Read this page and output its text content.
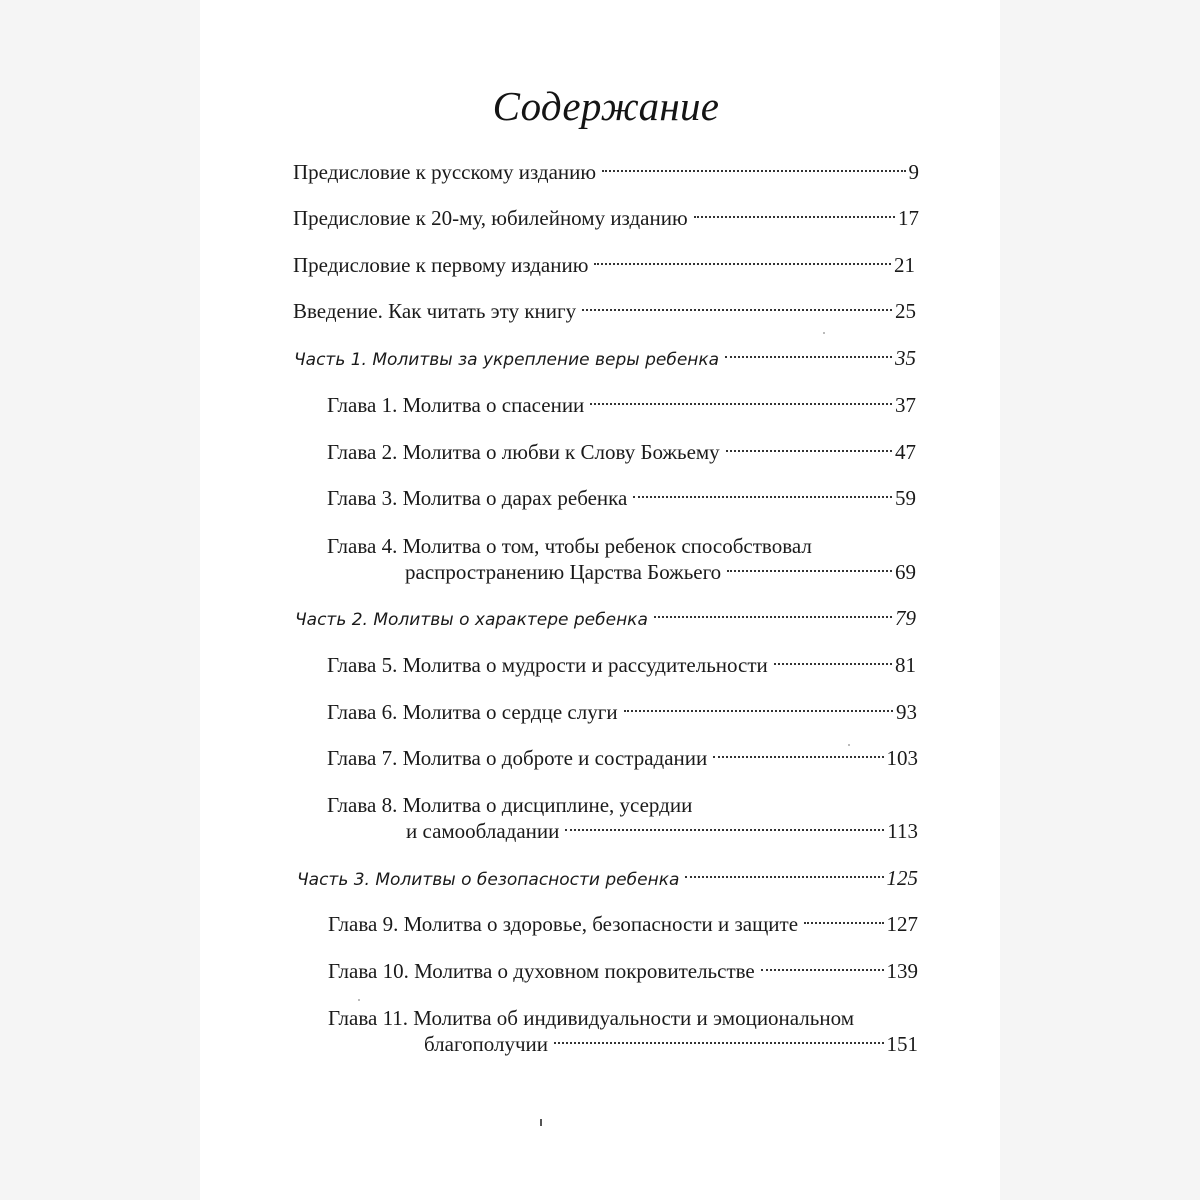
Содержание
Предисловие к русскому изданию	9
Предисловие к 20-му, юбилейному изданию	17
Предисловие к первому изданию	21
Введение. Как читать эту книгу	25
Часть 1. Молитвы за укрепление веры ребенка	35
Глава 1. Молитва о спасении	37
Глава 2. Молитва о любви к Слову Божьему	47
Глава 3. Молитва о дарах ребенка	59
Глава 4. Молитва о том, чтобы ребенок способствовал
распространению Царства Божьего	69
Часть 2. Молитвы о характере ребенка	79
Глава 5. Молитва о мудрости и рассудительности	81
Глава 6. Молитва о сердце слуги	93
Глава 7. Молитва о доброте и сострадании	103
Глава 8. Молитва о дисциплине, усердии
и самообладании	113
Часть 3. Молитвы о безопасности ребенка	125
Глава 9. Молитва о здоровье, безопасности и защите	127
Глава 10. Молитва о духовном покровительстве	139
Глава 11. Молитва об индивидуальности и эмоциональном
благополучии	151
